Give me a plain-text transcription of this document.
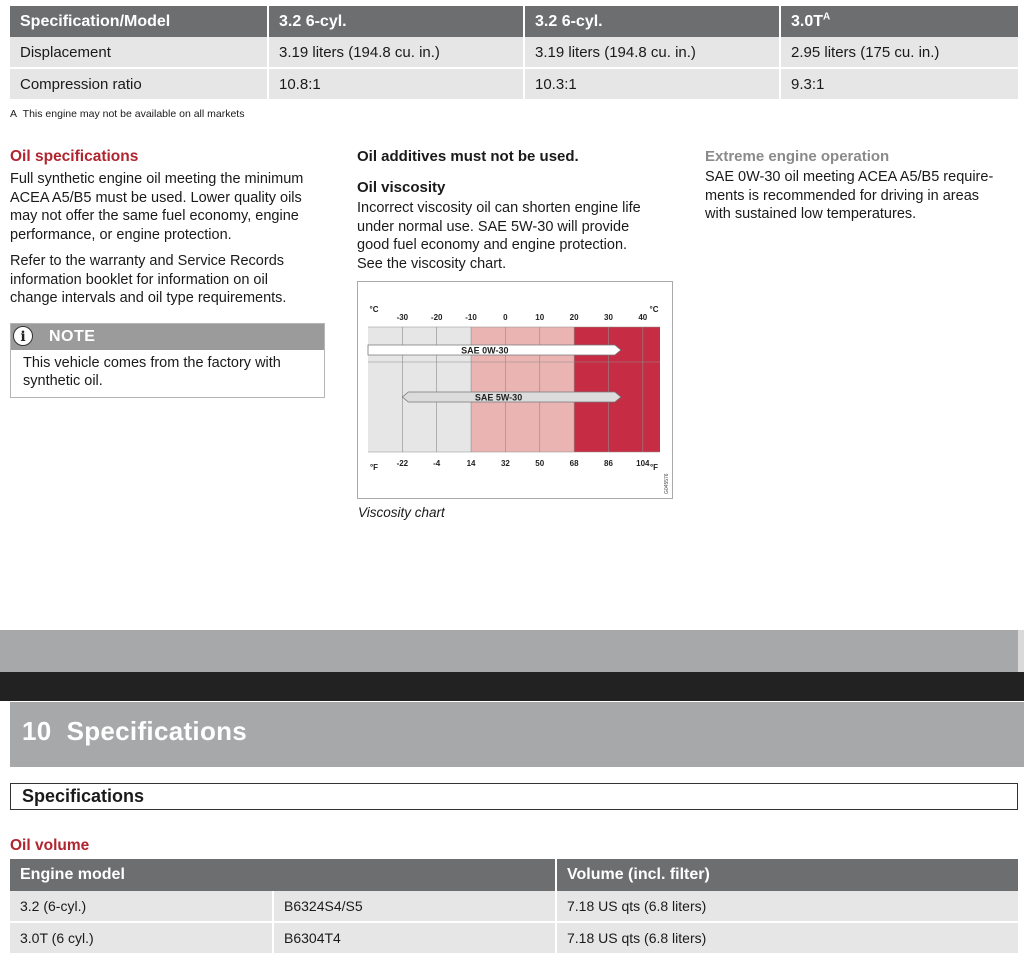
Specification/Model	3.2 6-cyl.	3.2 6-cyl.	$3.0T^A$
Displacement	3.19 liters (194.8 cu. in.)	3.19 liters (194.8 cu. in.)	2.95 liters (175 cu. in.)
Compression ratio	10.8:1	10.3:1	9.3:1
A This engine may not be available on all markets
Oil specifications
Full synthetic engine oil meeting the minimum
ACEA A5/B5 must be used. Lower quality oils
may not offer the same fuel economy, engine
performance, or engine protection.
Refer to the warranty and Service Records
information booklet for information on oil
change intervals and oil type requirements.
i	NOTE
This vehicle comes from the factory with
synthetic oil.
Oil additives must not be used.
Oil viscosity
Incorrect viscosity oil can shorten engine life
under normal use. SAE 5W-30 will provide
good fuel economy and engine protection.
See the viscosity chart.
-30	-20	-10	0	10	20	30	40
-22	-4	14	32	50	68	86	104
°C	°C
°F	°F
SAE 0W-30
SAE 5W-30
G045576
Viscosity chart
Extreme engine operation
SAE 0W-30 oil meeting ACEA A5/B5 require-
ments is recommended for driving in areas
with sustained low temperatures.
10 Specifications
Specifications
Oil volume
Engine model		Volume (incl. filter)
3.2 (6-cyl.)	B6324S4/S5	7.18 US qts (6.8 liters)
3.0T (6 cyl.)	B6304T4	7.18 US qts (6.8 liters)
